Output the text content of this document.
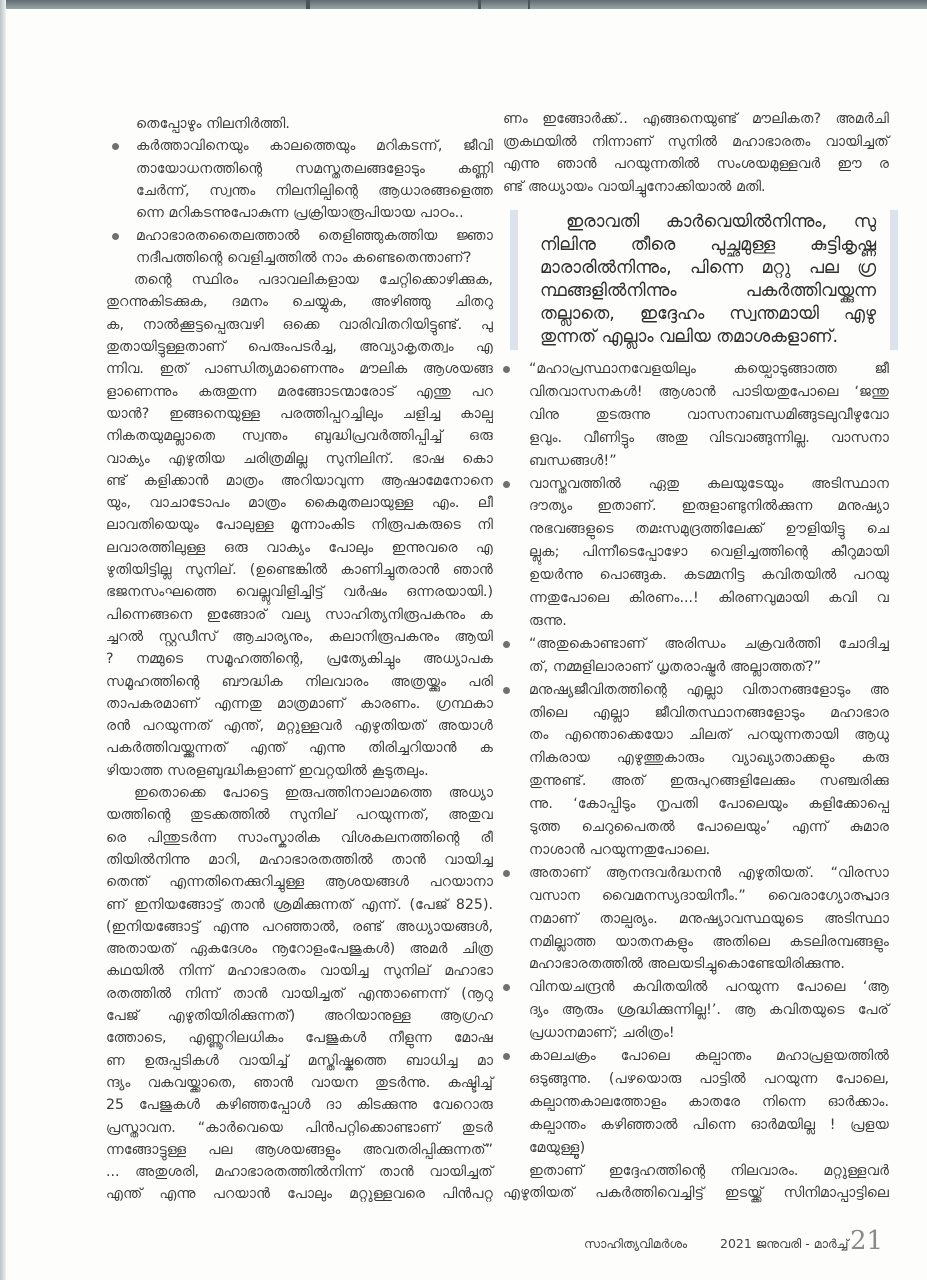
തെപ്പോഴും നിലനിർത്തി.
കർത്താവിനെയും കാലത്തെയും മറികടന്ന്, ജീവി
തായോധനത്തിന്റെ സമസ്തതലങ്ങളോടും കണ്ണി
ചേർന്ന്, സ്വന്തം നിലനില്പിന്റെ ആധാരങ്ങളെത്ത
ന്നെ മറികടന്നുപോകുന്ന പ്രക്രിയാരൂപിയായ പാഠം..
മഹാഭാരതതൈലത്താൽ തെളിഞ്ഞുകത്തിയ ജ്ഞാ
നദീപത്തിന്റെ വെളിച്ചത്തിൽ നാം കണ്ടെതെന്താണ്?
തന്റെ സ്ഥിരം പദാവലികളായ ചേറ്റിക്കൊഴിക്കുക,
തുറന്നുകിടക്കുക, ദമനം ചെയ്യുക, അഴിഞ്ഞു ചിതറു
ക, നാൽക്കൂട്ടപ്പെരുവഴി ഒക്കെ വാരിവിതറിയിട്ടുണ്ട്. പു
തുതായിട്ടുള്ളതാണ് പെരുംപടർച്ച, അവ്യാകൃതത്വം എ
ന്നിവ. ഇത് പാണ്ഡിത്യമാണെന്നും മൗലിക ആശയങ്ങ
ളാണെന്നും കരുതുന്ന മരങ്ങോടന്മാരോട് എന്തു പറ
യാൻ? ഇങ്ങനെയുള്ള പരത്തിപ്പറച്ചിലും ചളിച്ച കാല്പ
നികതയുമല്ലാതെ സ്വന്തം ബുദ്ധിപ്രവർത്തിപ്പിച്ച് ഒരു
വാക്യം എഴുതിയ ചരിത്രമില്ല സുനിലിന്. ഭാഷ കൊ
ണ്ട് കളിക്കാൻ മാത്രം അറിയാവുന്ന ആഷാമേനോനെ
യും, വാചാടോപം മാത്രം കൈമുതലായുള്ള എം. ലീ
ലാവതിയെയും പോലുള്ള മൂന്നാംകിട നിരൂപകരുടെ നി
ലവാരത്തിലുള്ള ഒരു വാക്യം പോലും ഇന്നുവരെ എ
ഴുതിയിട്ടില്ല സുനില്. (ഉണ്ടെങ്കിൽ കാണിച്ചുതരാൻ ഞാൻ
ഭജനസംഘത്തെ വെല്ലുവിളിച്ചിട്ട് വർഷം ഒന്നരയായി.)
പിന്നെങ്ങനെ ഇങ്ങോര് വല്യ സാഹിത്യനിരൂപകനും ക
ച്ചറൽ സ്റ്റഡീസ് ആചാര്യനും, കലാനിരൂപകനും ആയി
? നമ്മുടെ സമൂഹത്തിന്റെ, പ്രത്യേകിച്ചും അധ്യാപക
സമൂഹത്തിന്റെ ബൗദ്ധിക നിലവാരം അത്രയ്ക്കും പരി
താപകരമാണ് എന്നതു മാത്രമാണ് കാരണം. ഗ്രന്ഥകാ
രൻ പറയുന്നത് എന്ത്, മറ്റുള്ളവർ എഴുതിയത് അയാൾ
പകർത്തിവയ്ക്കുന്നത് എന്ത് എന്നു തിരിച്ചറിയാൻ ക
ഴിയാത്ത സരളബുദ്ധികളാണ് ഇവറ്റയിൽ കൂടുതലും.
ഇതൊക്കെ പോട്ടെ ഇരുപത്തിനാലാമത്തെ അധ്യാ
യത്തിന്റെ തുടക്കത്തിൽ സുനില് പറയുന്നത്, അതുവ
രെ പിന്തുടർന്ന സാംസ്കാരിക വിശകലനത്തിന്റെ രീ
തിയിൽനിന്നു മാറി, മഹാഭാരതത്തിൽ താൻ വായിച്ച
തെന്ത് എന്നതിനെക്കുറിച്ചുള്ള ആശയങ്ങൾ പറയാനാ
ണ് ഇനിയങ്ങോട്ട് താൻ ശ്രമിക്കുന്നത് എന്ന്. (പേജ് 825).
(ഇനിയങ്ങോട്ട് എന്നു പറഞ്ഞാൽ, രണ്ട് അധ്യായങ്ങൾ,
അതായത് ഏകദേശം നൂറോളംപേജുകൾ) അമർ ചിത്ര
കഥയിൽ നിന്ന് മഹാഭാരതം വായിച്ച സുനില് മഹാഭാ
രതത്തിൽ നിന്ന് താൻ വായിച്ചത് എന്താണെന്ന് (നൂറു
പേജ് എഴുതിയിരിക്കുന്നത്) അറിയാനുള്ള ആഗ്രഹ
ത്തോടെ, എണ്ണൂറിലധികം പേജുകൾ നീളുന്ന മോഷ
ണ ഉരുപ്പടികൾ വായിച്ച് മസ്തിഷ്കത്തെ ബാധിച്ച മാ
ന്ദ്യം വകവയ്ക്കാതെ, ഞാൻ വായന തുടർന്നു. കഷ്ടിച്ച്
25 പേജുകൾ കഴിഞ്ഞപ്പോൾ ദാ കിടക്കുന്നു വേറൊരു
പ്രസ്താവന. “കാർവെയെ പിൻപറ്റിക്കൊണ്ടാണ് തുടർ
ന്നങ്ങോട്ടുള്ള പല ആശയങ്ങളും അവതരിപ്പിക്കുന്നത്”
... അതുശരി, മഹാഭാരതത്തിൽനിന്ന് താൻ വായിച്ചത്
എന്ത് എന്നു പറയാൻ പോലും മറ്റുള്ളവരെ പിൻപറ്റ
ണം ഇങ്ങോർക്ക്.. എങ്ങനെയുണ്ട് മൗലികത? അമർചി
ത്രകഥയിൽ നിന്നാണ് സുനിൽ മഹാഭാരതം വായിച്ചത്
എന്നു ഞാൻ പറയുന്നതിൽ സംശയമുള്ളവർ ഈ ര
ണ്ട് അധ്യായം വായിച്ചുനോക്കിയാൽ മതി.
ഇരാവതി കാർവെയിൽനിന്നും, സു
നിലിനു തീരെ പുച്ഛമുള്ള കുട്ടികൃഷ്ണ
മാരാരിൽനിന്നും, പിന്നെ മറ്റു പല ഗ്ര
ന്ഥങ്ങളിൽനിന്നും പകർത്തിവയ്ക്കുന്ന
തല്ലാതെ, ഇദ്ദേഹം സ്വന്തമായി എഴു
തുന്നത് എല്ലാം വലിയ തമാശകളാണ്.
“മഹാപ്രസ്ഥാനവേളയിലും കയ്പൊടുങ്ങാത്ത ജീ
വിതവാസനകൾ! ആശാൻ പാടിയതുപോലെ ‘ജന്തു
വിനു തുടരുന്നു വാസനാബന്ധമിങ്ങുടലുവീഴുവോ
ളവും. വീണിട്ടും അതു വിടവാങ്ങുന്നില്ല. വാസനാ
ബന്ധങ്ങൾ!”
വാസ്തവത്തിൽ ഏതു കലയുടേയും അടിസ്ഥാന
ദൗത്യം ഇതാണ്. ഇരുളാണ്ടുനിൽക്കുന്ന മനുഷ്യാ
നുഭവങ്ങളുടെ തമഃസമുദ്രത്തിലേക്ക് ഊളിയിട്ടു ചെ
ല്ലുക; പിന്നീടെപ്പോഴോ വെളിച്ചത്തിന്റെ കീറുമായി
ഉയർന്നു പൊങ്ങുക. കടമ്മനിട്ട കവിതയിൽ പറയു
ന്നതുപോലെ കിരണം...! കിരണവുമായി കവി വ
രുന്നു.
“അതുകൊണ്ടാണ് അരിന്ധം ചക്രവർത്തി ചോദിച്ച
ത്, നമ്മളിലാരാണ് ധൃതരാഷ്ട്രർ അല്ലാത്തത്?”
മനുഷ്യജീവിതത്തിന്റെ എല്ലാ വിതാനങ്ങളോടും അ
തിലെ എല്ലാ ജീവിതസ്ഥാനങ്ങളോടും മഹാഭാര
തം എന്തൊക്കെയോ ചിലത് പറയുന്നതായി ആധു
നികരായ എഴുത്തുകാരും വ്യാഖ്യാതാക്കളും കരു
തുന്നുണ്ട്. അത് ഇരുപുറങ്ങളിലേക്കും സഞ്ചരിക്കു
ന്നു. ‘കോപ്പിടും നൃപതി പോലെയും കളിക്കോപ്പെ
ടുത്ത ചെറുപൈതൽ പോലെയും’ എന്ന് കുമാര
നാശാൻ പറയുന്നതുപോലെ.
അതാണ് ആനന്ദവർദ്ധനൻ എഴുതിയത്. “വിരസാ
വസാന വൈമനസ്യദായിനീം.” വൈരാഗ്യോത്പ്പാദ
നമാണ് താല്പര്യം. മനുഷ്യാവസ്ഥയുടെ അടിസ്ഥാ
നമില്ലാത്ത യാതനകളും അതിലെ കടലിരമ്പങ്ങളും
മഹാഭാരതത്തിൽ അലയടിച്ചുകൊണ്ടേയിരിക്കുന്നു.
വിനയചന്ദ്രൻ കവിതയിൽ പറയുന്ന പോലെ ‘ആ
ദ്യം ആരും ശ്രദ്ധിക്കുന്നില്ല!’. ആ കവിതയുടെ പേര്
പ്രധാനമാണ്; ചരിത്രം!
കാലചക്രം പോലെ കല്പാന്തം മഹാപ്രളയത്തിൽ
ഒടുങ്ങുന്നു. (പഴയൊരു പാട്ടിൽ പറയുന്ന പോലെ,
കല്പാന്തകാലത്തോളം കാതരേ നിന്നെ ഓർക്കാം.
കല്പാന്തം കഴിഞ്ഞാൽ പിന്നെ ഓർമയില്ല ! പ്രളയ
മേയുള്ളൂ)
ഇതാണ് ഇദ്ദേഹത്തിന്റെ നിലവാരം. മറ്റുള്ളവർ
എഴുതിയത് പകർത്തിവെച്ചിട്ട് ഇടയ്ക്ക് സിനിമാപ്പാട്ടിലെ
സാഹിത്യവിമർശം	2021 ജനുവരി - മാർച്ച് 21
